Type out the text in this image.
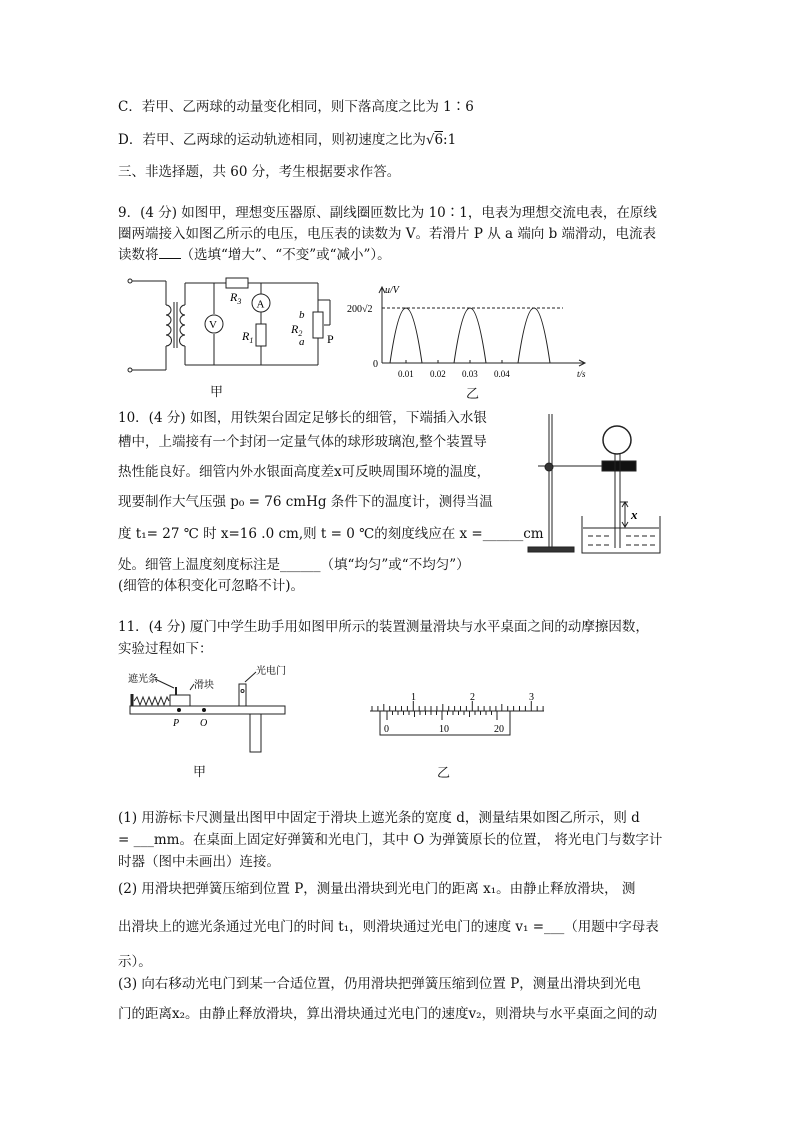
C．若甲、乙两球的动量变化相同，则下落高度之比为 1∶6
D．若甲、乙两球的运动轨迹相同，则初速度之比为√6:1
三、非选择题，共 60 分，考生根据要求作答。
9．(4 分) 如图甲，理想变压器原、副线圈匝数比为 10∶1，电表为理想交流电表，在原线
圈两端接入如图乙所示的电压，电压表的读数为 V。若滑片 P 从 a 端向 b 端滑动，电流表
读数将 （选填“增大”、“不变”或“减小”）。
$R_3$ A
V
$R_1$
$R_2$
b
a P
甲
u/V
200√2
0
0.01 0.02 0.03 0.04	t/s
乙
10．(4 分) 如图，用铁架台固定足够长的细管，下端插入水银
槽中，上端接有一个封闭一定量气体的球形玻璃泡,整个装置导
热性能良好。细管内外水银面高度差x可反映周围环境的温度，
现要制作大气压强 p₀ = 76 cmHg 条件下的温度计，测得当温
度 t₁= 27 ℃ 时 x=16 .0 cm,则 t = 0 ℃的刻度线应在 x =______cm
处。细管上温度刻度标注是______（填“均匀”或“不均匀”）
(细管的体积变化可忽略不计)。
x
11．(4 分) 厦门中学生助手用如图甲所示的装置测量滑块与水平桌面之间的动摩擦因数，
实验过程如下：
遮光条
滑块
光电门
P O
甲
1	2	3
0	10	20
乙
(1) 用游标卡尺测量出图甲中固定于滑块上遮光条的宽度 d，测量结果如图乙所示，则 d
= ___mm。在桌面上固定好弹簧和光电门，其中 O 为弹簧原长的位置， 将光电门与数字计
时器（图中未画出）连接。
(2) 用滑块把弹簧压缩到位置 P，测量出滑块到光电门的距离 x₁。由静止释放滑块， 测
出滑块上的遮光条通过光电门的时间 t₁，则滑块通过光电门的速度 v₁ =___（用题中字母表
示）。
(3) 向右移动光电门到某一合适位置，仍用滑块把弹簧压缩到位置 P，测量出滑块到光电
门的距离x₂。由静止释放滑块，算出滑块通过光电门的速度v₂，则滑块与水平桌面之间的动
